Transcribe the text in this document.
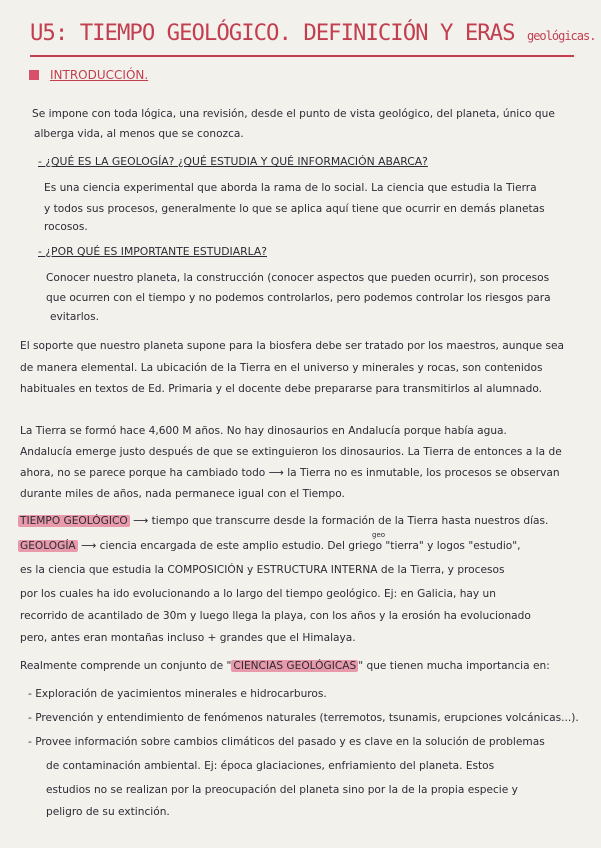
U5: TIEMPO GEOLÓGICO. DEFINICIÓN Y ERAS geológicas.
INTRODUCCIÓN.
Se impone con toda lógica, una revisión, desde el punto de vista geológico, del planeta, único que
alberga vida, al menos que se conozca.
- ¿QUÉ ES LA GEOLOGÍA? ¿QUÉ ESTUDIA Y QUÉ INFORMACIÓN ABARCA?
Es una ciencia experimental que aborda la rama de lo social. La ciencia que estudia la Tierra
y todos sus procesos, generalmente lo que se aplica aquí tiene que ocurrir en demás planetas
rocosos.
- ¿POR QUÉ ES IMPORTANTE ESTUDIARLA?
Conocer nuestro planeta, la construcción (conocer aspectos que pueden ocurrir), son procesos
que ocurren con el tiempo y no podemos controlarlos, pero podemos controlar los riesgos para
evitarlos.
El soporte que nuestro planeta supone para la biosfera debe ser tratado por los maestros, aunque sea
de manera elemental. La ubicación de la Tierra en el universo y minerales y rocas, son contenidos
habituales en textos de Ed. Primaria y el docente debe prepararse para transmitirlos al alumnado.
La Tierra se formó hace 4,600 M años. No hay dinosaurios en Andalucía porque había agua.
Andalucía emerge justo después de que se extinguieron los dinosaurios. La Tierra de entonces a la de
ahora, no se parece porque ha cambiado todo ⟶ la Tierra no es inmutable, los procesos se observan
durante miles de años, nada permanece igual con el Tiempo.
TIEMPO GEOLÓGICO ⟶ tiempo que transcurre desde la formación de la Tierra hasta nuestros días.
geo
GEOLOGÍA ⟶ ciencia encargada de este amplio estudio. Del griego "tierra" y logos "estudio",
es la ciencia que estudia la COMPOSICIÓN y ESTRUCTURA INTERNA de la Tierra, y procesos
por los cuales ha ido evolucionando a lo largo del tiempo geológico. Ej: en Galicia, hay un
recorrido de acantilado de 30m y luego llega la playa, con los años y la erosión ha evolucionado
pero, antes eran montañas incluso + grandes que el Himalaya.
Realmente comprende un conjunto de " CIENCIAS GEOLÓGICAS " que tienen mucha importancia en:
- Exploración de yacimientos minerales e hidrocarburos.
- Prevención y entendimiento de fenómenos naturales (terremotos, tsunamis, erupciones volcánicas...).
- Provee información sobre cambios climáticos del pasado y es clave en la solución de problemas
de contaminación ambiental. Ej: época glaciaciones, enfriamiento del planeta. Estos
estudios no se realizan por la preocupación del planeta sino por la de la propia especie y
peligro de su extinción.
